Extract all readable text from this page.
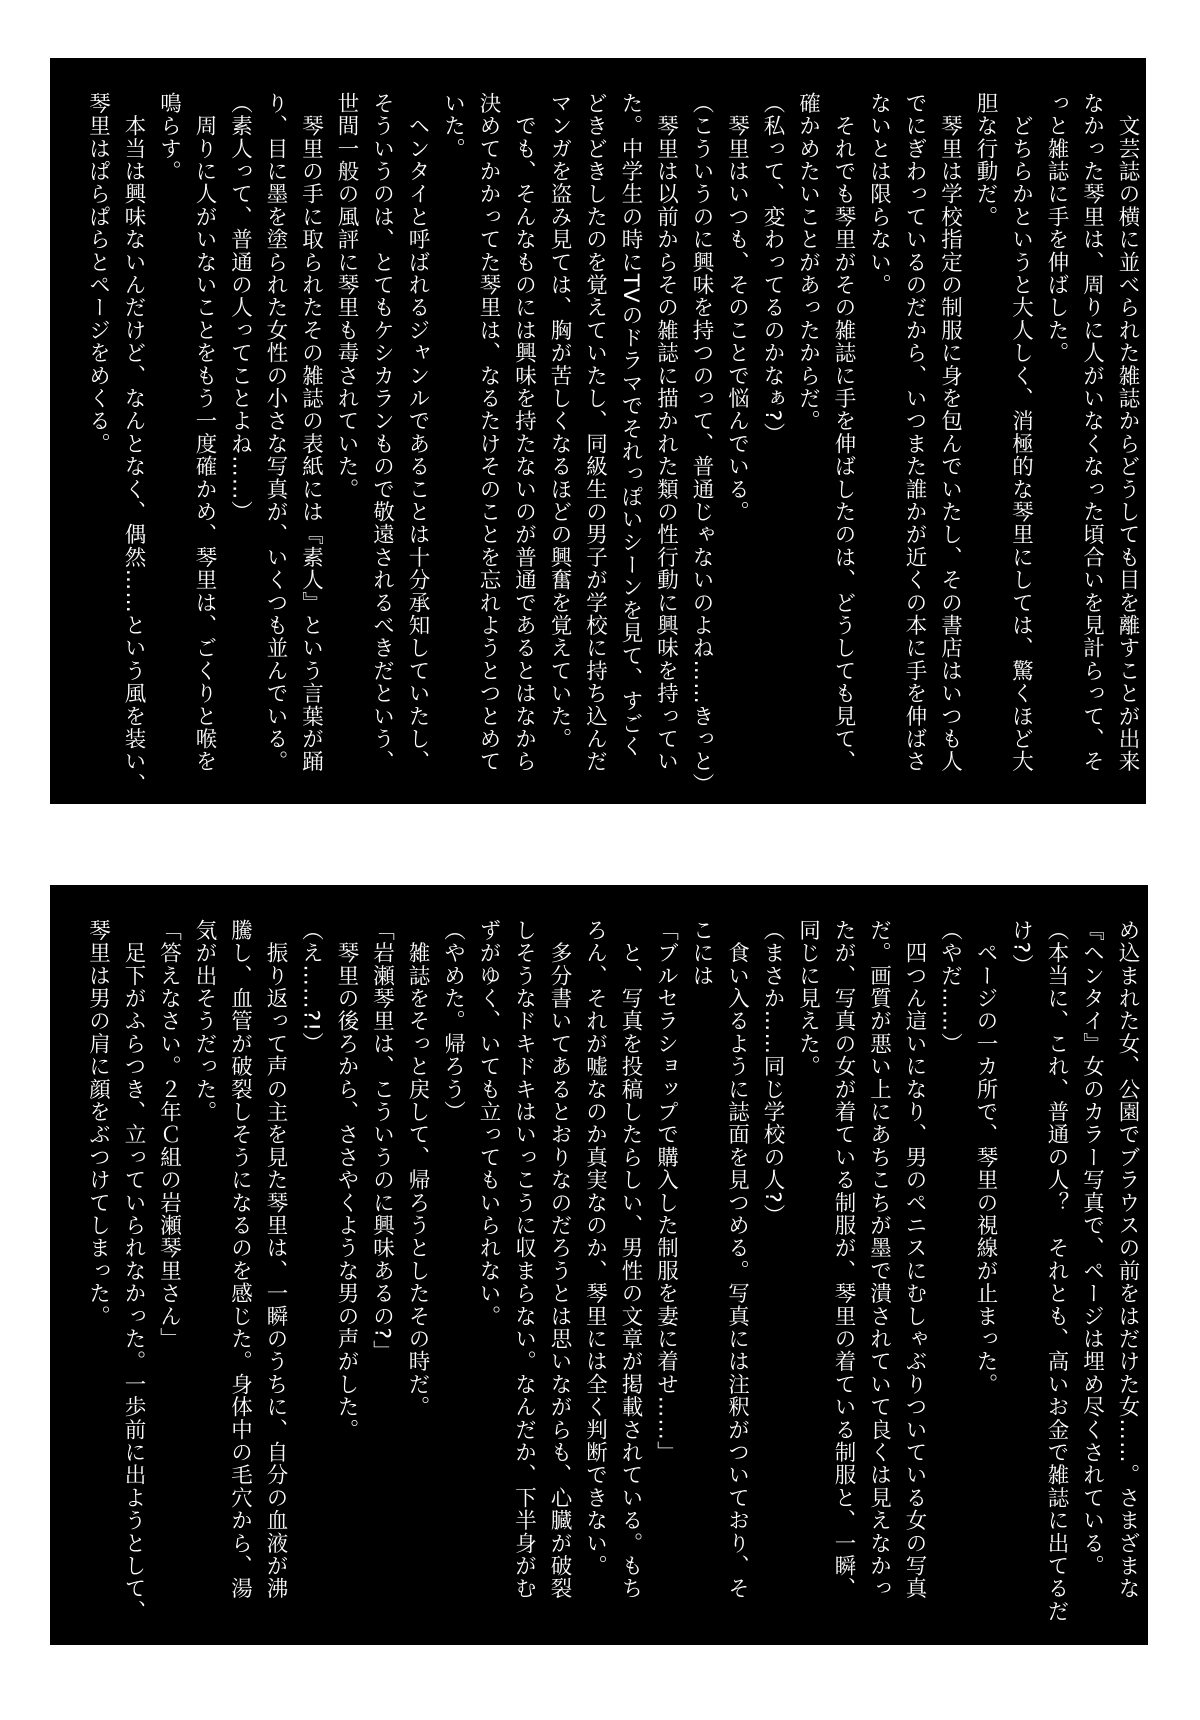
岩瀬琴里が、『ご主人様』と出逢ったのは、新宿の書店だ。
　文芸誌の横に並べられた雑誌からどうしても目を離すことが出来
なかった琴里は、周りに人がいなくなった頃合いを見計らって、そ
っと雑誌に手を伸ばした。
　どちらかというと大人しく、消極的な琴里にしては、驚くほど大
胆な行動だ。
　琴里は学校指定の制服に身を包んでいたし、その書店はいつも人
でにぎわっているのだから、いつまた誰かが近くの本に手を伸ばさ
ないとは限らない。
　それでも琴里がその雑誌に手を伸ばしたのは、どうしても見て、
確かめたいことがあったからだ。
（私って、変わってるのかなぁ?）
　琴里はいつも、そのことで悩んでいる。
（こういうのに興味を持つのって、普通じゃないのよね……きっと）
　琴里は以前からその雑誌に描かれた類の性行動に興味を持ってい
た。中学生の時にTVのドラマでそれっぽいシーンを見て、すごく
どきどきしたのを覚えていたし、同級生の男子が学校に持ち込んだ
マンガを盗み見ては、胸が苦しくなるほどの興奮を覚えていた。
　でも、そんなものには興味を持たないのが普通であるとはなから
決めてかかってた琴里は、なるたけそのことを忘れようとつとめて
いた。
　ヘンタイと呼ばれるジャンルであることは十分承知していたし、
そういうのは、とてもケシカランもので敬遠されるべきだという、
世間一般の風評に琴里も毒されていた。
　琴里の手に取られたその雑誌の表紙には『素人』という言葉が踊
り、目に墨を塗られた女性の小さな写真が、いくつも並んでいる。
（素人って、普通の人ってことよね……）
　周りに人がいないことをもう一度確かめ、琴里は、ごくりと喉を
鳴らす。
　本当は興味ないんだけど、なんとなく、偶然……という風を装い、
琴里はぱらぱらとページをめくる。
　背中一面を赤いロウで染めた女、両手を縛られ脚の間に異物を埋
め込まれた女、公園でブラウスの前をはだけた女……。さまざまな
『ヘンタイ』女のカラー写真で、ページは埋め尽くされている。
（本当に、これ、普通の人？　それとも、高いお金で雑誌に出てるだ
け?）
　ページの一カ所で、琴里の視線が止まった。
（やだ……）
　四つん這いになり、男のペニスにむしゃぶりついている女の写真
だ。画質が悪い上にあちこちが墨で潰されていて良くは見えなかっ
たが、写真の女が着ている制服が、琴里の着ている制服と、一瞬、
同じに見えた。
（まさか……同じ学校の人?）
　食い入るように誌面を見つめる。写真には注釈がついており、そ
こには
「ブルセラショップで購入した制服を妻に着せ……」
　と、写真を投稿したらしい、男性の文章が掲載されている。もち
ろん、それが嘘なのか真実なのか、琴里には全く判断できない。
　多分書いてあるとおりなのだろうとは思いながらも、心臓が破裂
しそうなドキドキはいっこうに収まらない。なんだか、下半身がむ
ずがゆく、いても立ってもいられない。
（やめた。帰ろう）
　雑誌をそっと戻して、帰ろうとしたその時だ。
「岩瀬琴里は、こういうのに興味あるの?」
　琴里の後ろから、ささやくような男の声がした。
（え……?!）
　振り返って声の主を見た琴里は、一瞬のうちに、自分の血液が沸
騰し、血管が破裂しそうになるのを感じた。身体中の毛穴から、湯
気が出そうだった。
「答えなさい。２年Ｃ組の岩瀬琴里さん」
　足下がふらつき、立っていられなかった。一歩前に出ようとして、
琴里は男の肩に顔をぶつけてしまった。
